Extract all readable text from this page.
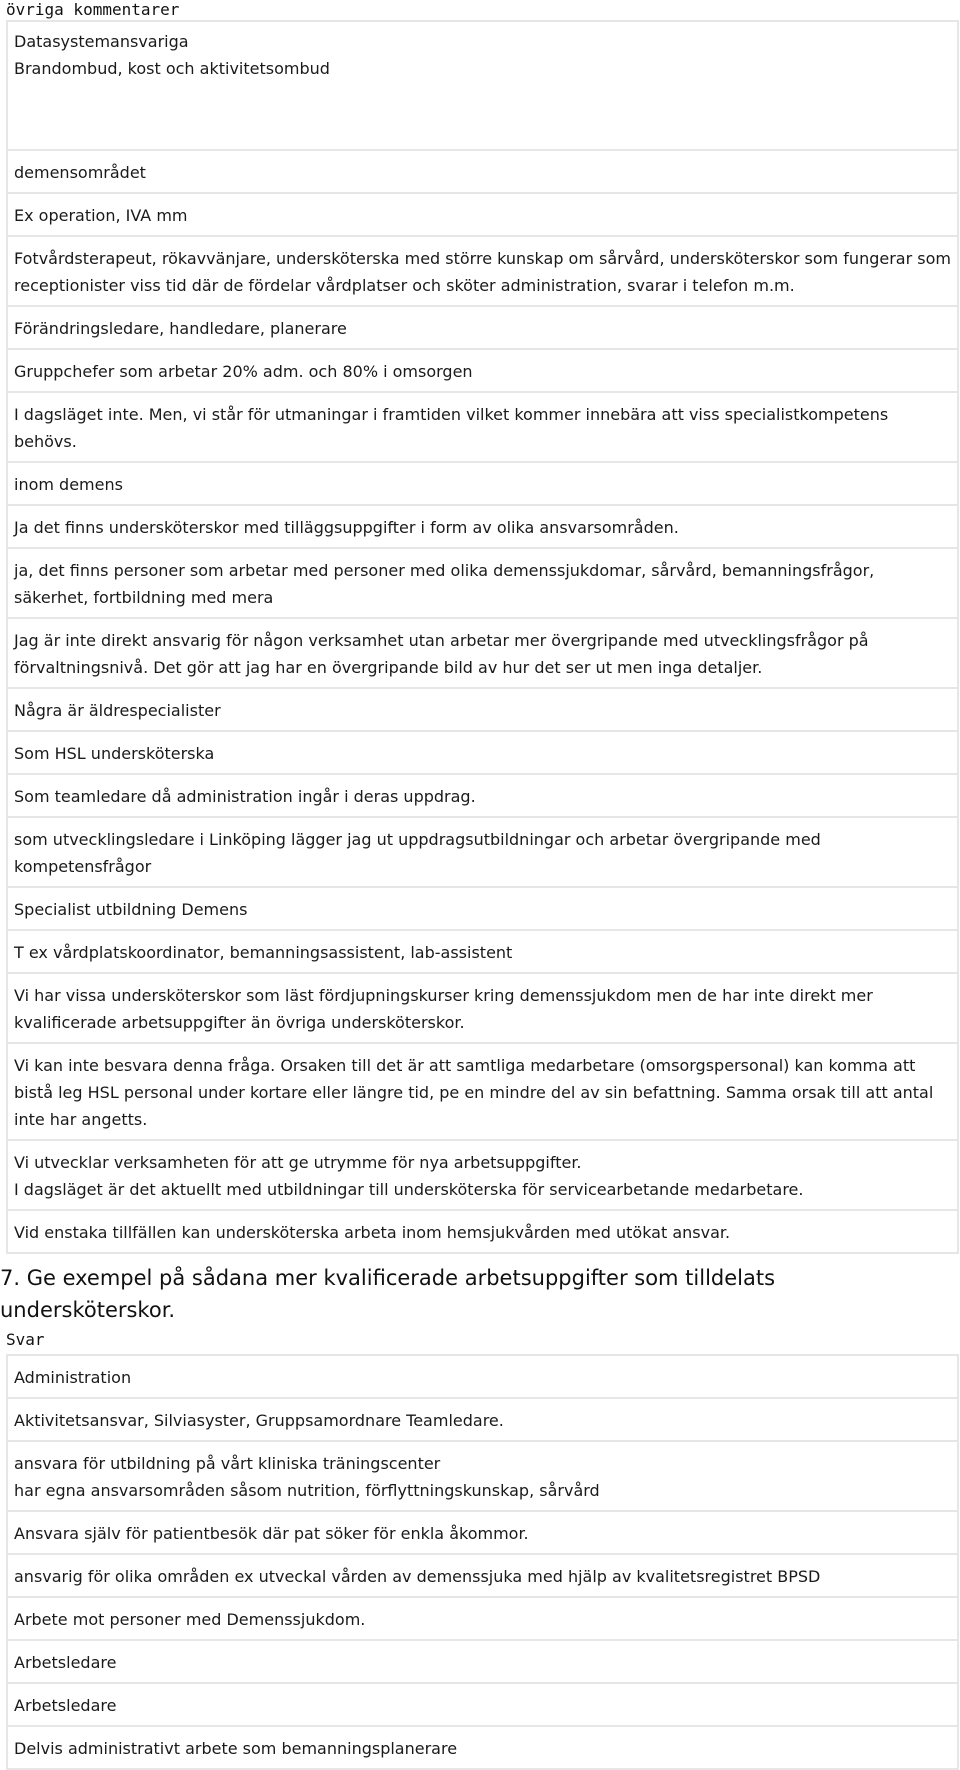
övriga kommentarer
Datasystemansvariga
Brandombud, kost och aktivitetsombud
demensområdet
Ex operation, IVA mm
Fotvårdsterapeut, rökavvänjare, undersköterska med större kunskap om sårvård, undersköterskor som fungerar som receptionister viss tid där de fördelar vårdplatser och sköter administration, svarar i telefon m.m.
Förändringsledare, handledare, planerare
Gruppchefer som arbetar 20% adm. och 80% i omsorgen
I dagsläget inte. Men, vi står för utmaningar i framtiden vilket kommer innebära att viss specialistkompetens behövs.
inom demens
Ja det finns undersköterskor med tilläggsuppgifter i form av olika ansvarsområden.
ja, det finns personer som arbetar med personer med olika demenssjukdomar, sårvård, bemanningsfrågor, säkerhet, fortbildning med mera
Jag är inte direkt ansvarig för någon verksamhet utan arbetar mer övergripande med utvecklingsfrågor på förvaltningsnivå. Det gör att jag har en övergripande bild av hur det ser ut men inga detaljer.
Några är äldrespecialister
Som HSL undersköterska
Som teamledare då administration ingår i deras uppdrag.
som utvecklingsledare i Linköping lägger jag ut uppdragsutbildningar och arbetar övergripande med kompetensfrågor
Specialist utbildning Demens
T ex vårdplatskoordinator, bemanningsassistent, lab-assistent
Vi har vissa undersköterskor som läst fördjupningskurser kring demenssjukdom men de har inte direkt mer kvalificerade arbetsuppgifter än övriga undersköterskor.
Vi kan inte besvara denna fråga. Orsaken till det är att samtliga medarbetare (omsorgspersonal) kan komma att bistå leg HSL personal under kortare eller längre tid, pe en mindre del av sin befattning. Samma orsak till att antal inte har angetts.
Vi utvecklar verksamheten för att ge utrymme för nya arbetsuppgifter.
I dagsläget är det aktuellt med utbildningar till undersköterska för servicearbetande medarbetare.
Vid enstaka tillfällen kan undersköterska arbeta inom hemsjukvården med utökat ansvar.
7. Ge exempel på sådana mer kvalificerade arbetsuppgifter som tilldelats undersköterskor.
Svar
Administration
Aktivitetsansvar, Silviasyster, Gruppsamordnare Teamledare.
ansvara för utbildning på vårt kliniska träningscenter
har egna ansvarsområden såsom nutrition, förflyttningskunskap, sårvård
Ansvara själv för patientbesök där pat söker för enkla åkommor.
ansvarig för olika områden ex utveckal vården av demenssjuka med hjälp av kvalitetsregistret BPSD
Arbete mot personer med Demenssjukdom.
Arbetsledare
Arbetsledare
Delvis administrativt arbete som bemanningsplanerare
